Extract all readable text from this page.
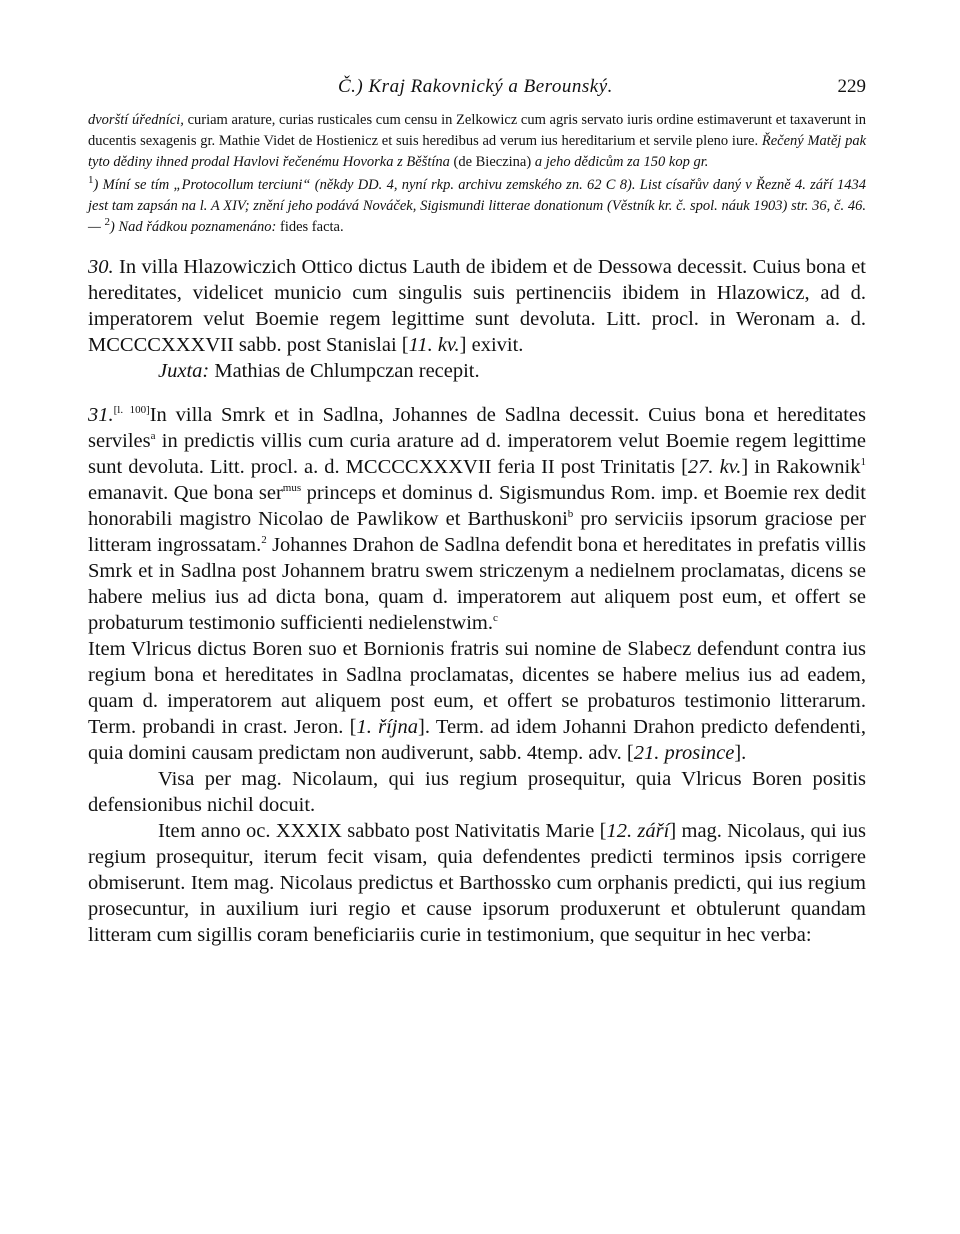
Č.) Kraj Rakovnický a Berounský.	229

dvorští úředníci, curiam arature, curias rusticales cum censu in Zelkowicz cum agris servato iuris ordine estimaverunt et taxaverunt in ducentis sexagenis gr. Mathie Videt de Hostienicz et suis heredibus ad verum ius hereditarium et servile pleno iure. Řečený Matěj pak tyto dědiny ihned prodal Havlovi řečenému Hovorka z Běštína (de Bieczina) a jeho dědicům za 150 kop gr.

$^1$) Míní se tím „Protocollum terciuni“ (někdy DD. 4, nyní rkp. archivu zemského zn. 62 C 8). List císařův daný v Řezně 4. září 1434 jest tam zapsán na l. A XIV; znění jeho podává Nováček, Sigismundi litterae donationum (Věstník kr. č. spol. náuk 1903) str. 36, č. 46. — $^2$) Nad řádkou poznamenáno: fides facta.

30. In villa Hlazowiczich Ottico dictus Lauth de ibidem et de Dessowa decessit. Cuius bona et hereditates, videlicet municio cum singulis suis pertinenciis ibidem in Hlazowicz, ad d. imperatorem velut Boemie regem legittime sunt devoluta. Litt. procl. in Weronam a. d. MCCCCXXXVII sabb. post Stanislai [11. kv.] exivit.

Juxta: Mathias de Chlumpczan recepit.

31.[l. 100]In villa Smrk et in Sadlna, Johannes de Sadlna decessit. Cuius bona et hereditates serviles$^a$ in predictis villis cum curia arature ad d. imperatorem velut Boemie regem legittime sunt devoluta. Litt. procl. a. d. MCCCCXXXVII feria II post Trinitatis [27. kv.] in Rakownik$^1$ emanavit. Que bona ser$^{mus}$ princeps et dominus d. Sigismundus Rom. imp. et Boemie rex dedit honorabili magistro Nicolao de Pawlikow et Barthuskoni$^b$ pro serviciis ipsorum graciose per litteram ingrossatam.$^2$ Johannes Drahon de Sadlna defendit bona et hereditates in prefatis villis Smrk et in Sadlna post Johannem bratru swem striczenym a nedielnem proclamatas, dicens se habere melius ius ad dicta bona, quam d. imperatorem aut aliquem post eum, et offert se probaturum testimonio sufficienti nedielenstwim.$^c$

Item Vlricus dictus Boren suo et Bornionis fratris sui nomine de Slabecz defendunt contra ius regium bona et hereditates in Sadlna proclamatas, dicentes se habere melius ius ad eadem, quam d. imperatorem aut aliquem post eum, et offert se probaturos testimonio litterarum. Term. probandi in crast. Jeron. [1. října]. Term. ad idem Johanni Drahon predicto defendenti, quia domini causam predictam non audiverunt, sabb. 4temp. adv. [21. prosince].

Visa per mag. Nicolaum, qui ius regium prosequitur, quia Vlricus Boren positis defensionibus nichil docuit.

Item anno oc. XXXIX sabbato post Nativitatis Marie [12. září] mag. Nicolaus, qui ius regium prosequitur, iterum fecit visam, quia defendentes predicti terminos ipsis corrigere obmiserunt. Item mag. Nicolaus predictus et Barthossko cum orphanis predicti, qui ius regium prosecuntur, in auxilium iuri regio et cause ipsorum produxerunt et obtulerunt quandam litteram cum sigillis coram beneficiariis curie in testimonium, que sequitur in hec verba:
